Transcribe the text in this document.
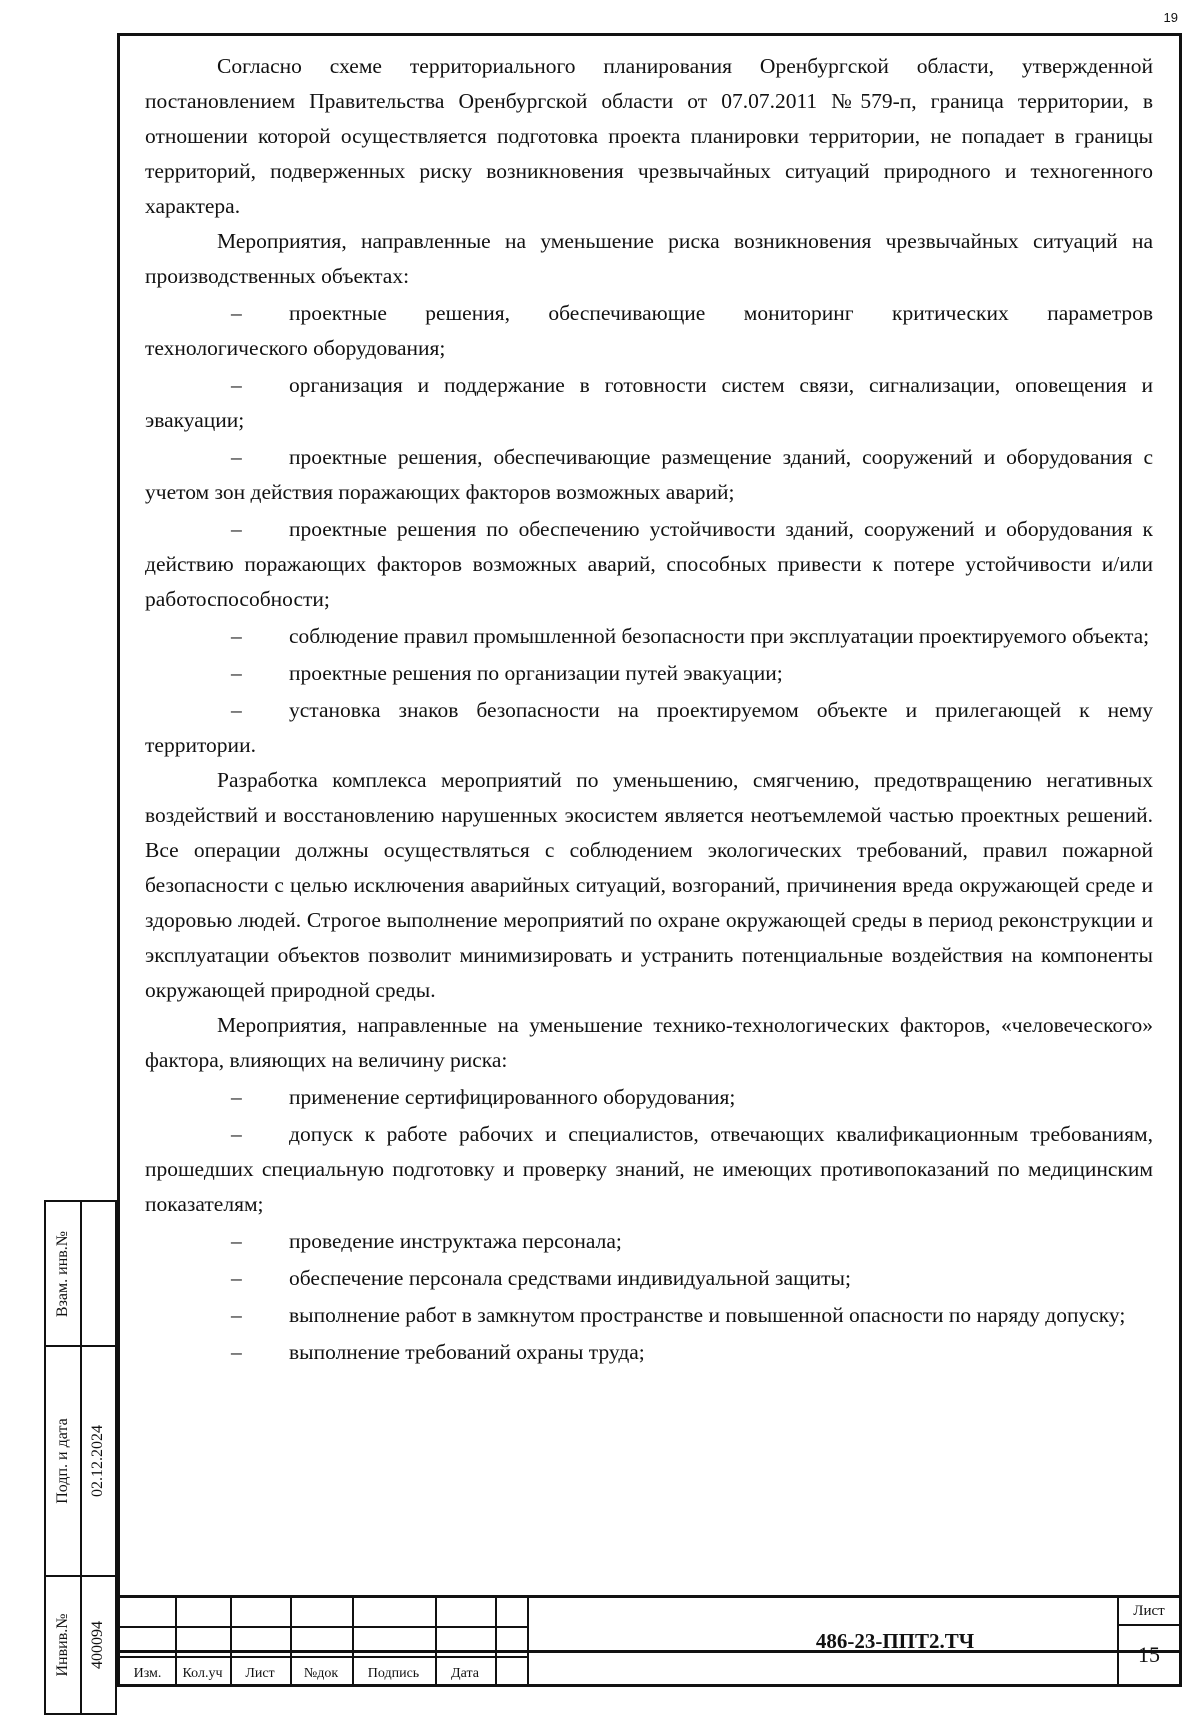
19

Согласно схеме территориального планирования Оренбургской области, утвержденной постановлением Правительства Оренбургской области от 07.07.2011 №579-п, граница территории, в отношении которой осуществляется подготовка проекта планировки территории, не попадает в границы территорий, подверженных риску возникновения чрезвычайных ситуаций природного и техногенного характера.

Мероприятия, направленные на уменьшение риска возникновения чрезвычайных ситуаций на производственных объектах:

– проектные решения, обеспечивающие мониторинг критических параметров технологического оборудования;

– организация и поддержание в готовности систем связи, сигнализации, оповещения и эвакуации;

– проектные решения, обеспечивающие размещение зданий, сооружений и оборудования с учетом зон действия поражающих факторов возможных аварий;

– проектные решения по обеспечению устойчивости зданий, сооружений и оборудования к действию поражающих факторов возможных аварий, способных привести к потере устойчивости и/или работоспособности;

– соблюдение правил промышленной безопасности при эксплуатации проектируемого объекта;

– проектные решения по организации путей эвакуации;

– установка знаков безопасности на проектируемом объекте и прилегающей к нему территории.

Разработка комплекса мероприятий по уменьшению, смягчению, предотвращению негативных воздействий и восстановлению нарушенных экосистем является неотъемлемой частью проектных решений. Все операции должны осуществляться с соблюдением экологических требований, правил пожарной безопасности с целью исключения аварийных ситуаций, возгораний, причинения вреда окружающей среде и здоровью людей. Строгое выполнение мероприятий по охране окружающей среды в период реконструкции и эксплуатации объектов позволит минимизировать и устранить потенциальные воздействия на компоненты окружающей природной среды.

Мероприятия, направленные на уменьшение технико-технологических факторов, «человеческого» фактора, влияющих на величину риска:

– применение сертифицированного оборудования;

– допуск к работе рабочих и специалистов, отвечающих квалификационным требованиям, прошедших специальную подготовку и проверку знаний, не имеющих противопоказаний по медицинским показателям;

– проведение инструктажа персонала;

– обеспечение персонала средствами индивидуальной защиты;

– выполнение работ в замкнутом пространстве и повышенной опасности по наряду допуску;

– выполнение требований охраны труда;

Взам. инв.№
Подп. и дата 02.12.2024
Инвив.№ 400094
Изм.	Кол.уч	Лист	№док	Подпись	Дата
486-23-ППТ2.ТЧ
Лист
15
